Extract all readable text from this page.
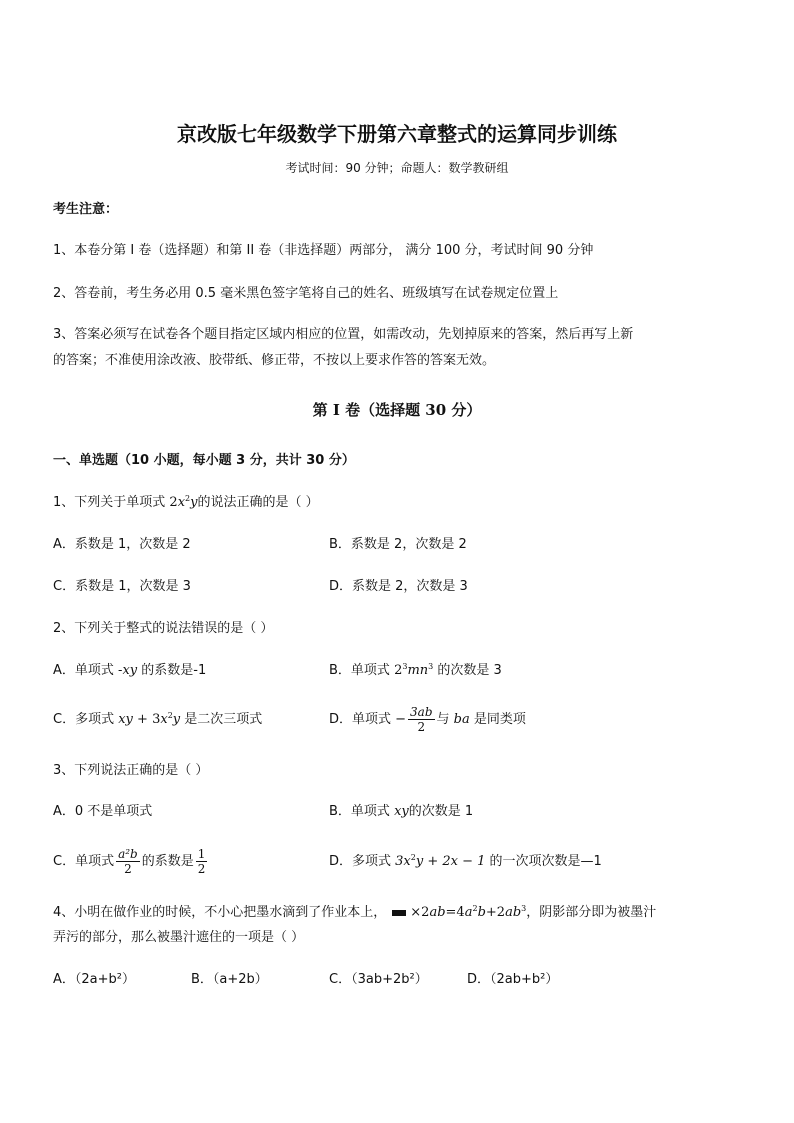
京改版七年级数学下册第六章整式的运算同步训练
考试时间：90 分钟；命题人：数学教研组
考生注意：
1、本卷分第 I 卷（选择题）和第 II 卷（非选择题）两部分， 满分 100 分，考试时间 90 分钟
2、答卷前，考生务必用 0.5 毫米黑色签字笔将自己的姓名、班级填写在试卷规定位置上
3、答案必须写在试卷各个题目指定区域内相应的位置，如需改动，先划掉原来的答案，然后再写上新
的答案；不准使用涂改液、胶带纸、修正带，不按以上要求作答的答案无效。
第 I 卷（选择题 30 分）
一、单选题（10 小题，每小题 3 分，共计 30 分）
1、下列关于单项式 $2x^2y$的说法正确的是（ ）
A．系数是 1，次数是 2	B．系数是 2，次数是 2
C．系数是 1，次数是 3	D．系数是 2，次数是 3
2、下列关于整式的说法错误的是（ ）
A．单项式 -xy 的系数是-1	B．单项式 $2^3mn^3$ 的次数是 3
C．多项式 xy + $3x^2y$ 是二次三项式	D．单项式 − $\frac{3ab}{2}$ 与 ba 是同类项
3、下列说法正确的是（ ）
A．0 不是单项式	B．单项式 xy的次数是 1
C．单项式 $\frac{\text{a²b}}{2}$ 的系数是 $\frac{1}{2}$	D．多项式 $3x^2y + 2x - 1$ 的一次项次数是—1
4、小明在做作业的时候，不小心把墨水滴到了作业本上， $\times 2ab=4a^2b+2ab^3$，阴影部分即为被墨汁
弄污的部分，那么被墨汁遮住的一项是（ ）
A．（2a+b²）	B．（a+2b）	C．（3ab+2b²）	D．（2ab+b²）
